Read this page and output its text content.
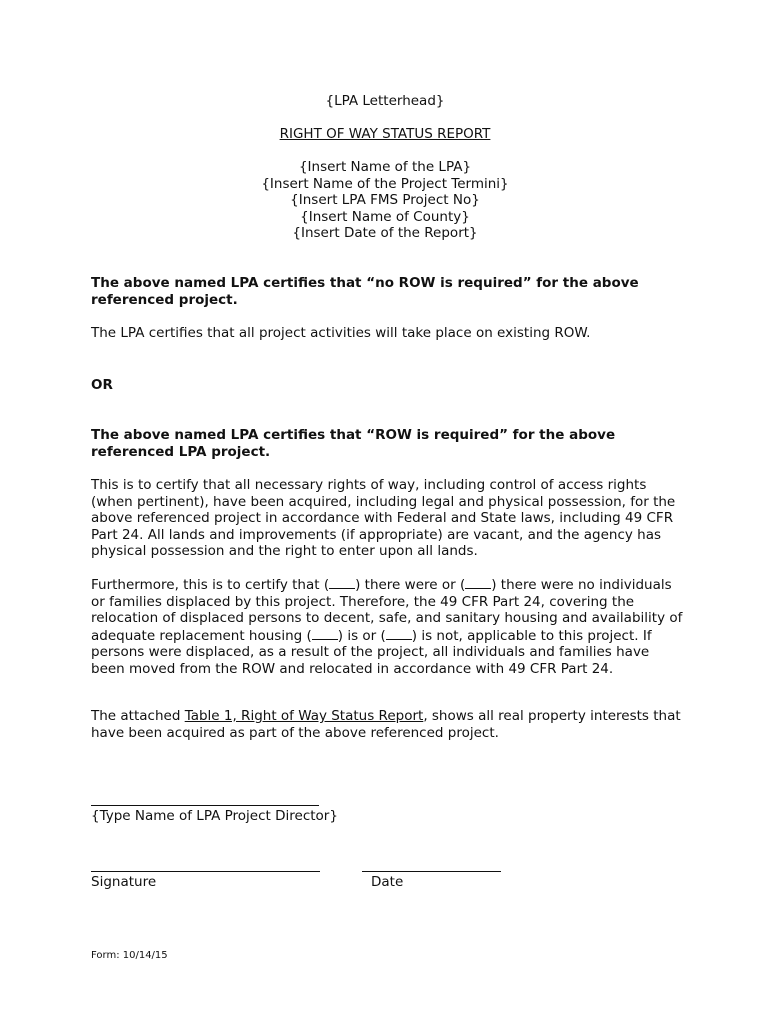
{LPA Letterhead}
RIGHT OF WAY STATUS REPORT
{Insert Name of the LPA}
{Insert Name of the Project Termini}
{Insert LPA FMS Project No}
{Insert Name of County}
{Insert Date of the Report}
The above named LPA certifies that “no ROW is required” for the above referenced project.
The LPA certifies that all project activities will take place on existing ROW.
OR
The above named LPA certifies that “ROW is required” for the above referenced LPA project.
This is to certify that all necessary rights of way, including control of access rights (when pertinent), have been acquired, including legal and physical possession, for the above referenced project in accordance with Federal and State laws, including 49 CFR Part 24. All lands and improvements (if appropriate) are vacant, and the agency has physical possession and the right to enter upon all lands.
Furthermore, this is to certify that ( ) there were or ( ) there were no individuals or families displaced by this project. Therefore, the 49 CFR Part 24, covering the relocation of displaced persons to decent, safe, and sanitary housing and availability of adequate replacement housing ( ) is or ( ) is not, applicable to this project. If persons were displaced, as a result of the project, all individuals and families have been moved from the ROW and relocated in accordance with 49 CFR Part 24.
The attached Table 1, Right of Way Status Report, shows all real property interests that have been acquired as part of the above referenced project.
{Type Name of LPA Project Director}
Signature	Date
Form: 10/14/15
